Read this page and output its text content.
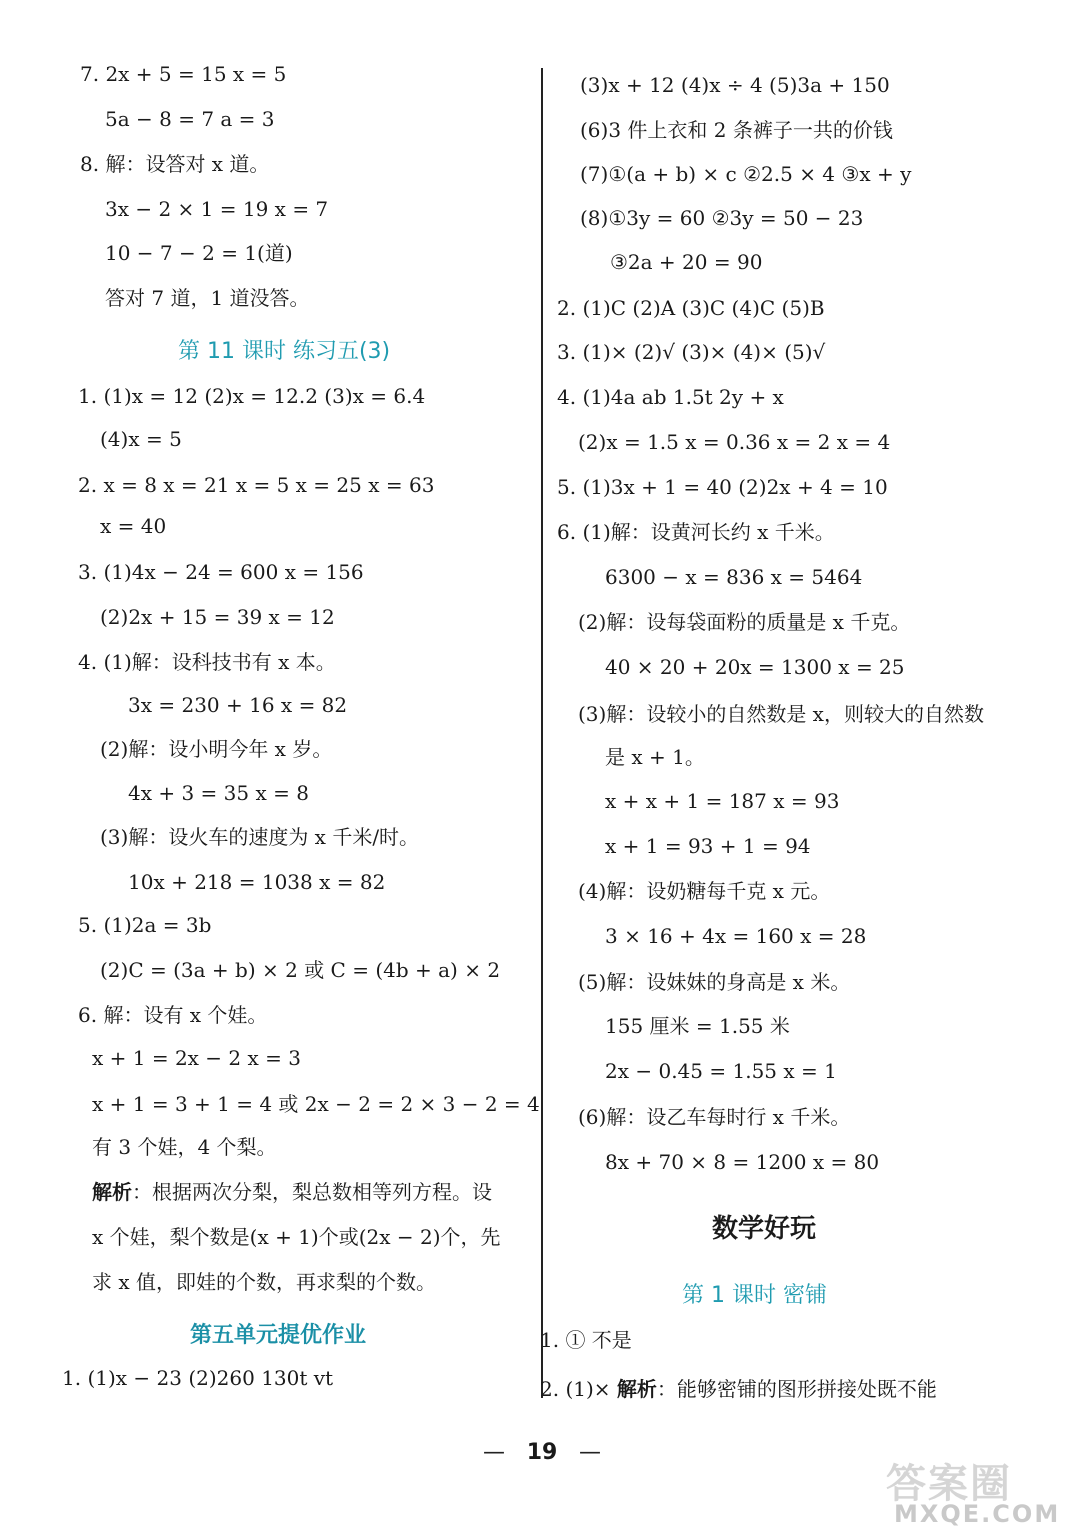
7. 2x + 5 = 15 x = 5
5a − 8 = 7 a = 3
8. 解：设答对 x 道。
3x − 2 × 1 = 19 x = 7
10 − 7 − 2 = 1(道)
答对 7 道，1 道没答。
第 11 课时 练习五(3)
1. (1)x = 12 (2)x = 12.2 (3)x = 6.4
(4)x = 5
2. x = 8 x = 21 x = 5 x = 25 x = 63
x = 40
3. (1)4x − 24 = 600 x = 156
(2)2x + 15 = 39 x = 12
4. (1)解：设科技书有 x 本。
3x = 230 + 16 x = 82
(2)解：设小明今年 x 岁。
4x + 3 = 35 x = 8
(3)解：设火车的速度为 x 千米/时。
10x + 218 = 1038 x = 82
5. (1)2a = 3b
(2)C = (3a + b) × 2 或 C = (4b + a) × 2
6. 解：设有 x 个娃。
x + 1 = 2x − 2 x = 3
x + 1 = 3 + 1 = 4 或 2x − 2 = 2 × 3 − 2 = 4
有 3 个娃，4 个梨。
解析：根据两次分梨，梨总数相等列方程。设
x 个娃，梨个数是(x + 1)个或(2x − 2)个，先
求 x 值，即娃的个数，再求梨的个数。
第五单元提优作业
1. (1)x − 23 (2)260 130t vt
(3)x + 12 (4)x ÷ 4 (5)3a + 150
(6)3 件上衣和 2 条裤子一共的价钱
(7)①(a + b) × c ②2.5 × 4 ③x + y
(8)①3y = 60 ②3y = 50 − 23
③2a + 20 = 90
2. (1)C (2)A (3)C (4)C (5)B
3. (1)× (2)√ (3)× (4)× (5)√
4. (1)4a ab 1.5t 2y + x
(2)x = 1.5 x = 0.36 x = 2 x = 4
5. (1)3x + 1 = 40 (2)2x + 4 = 10
6. (1)解：设黄河长约 x 千米。
6300 − x = 836 x = 5464
(2)解：设每袋面粉的质量是 x 千克。
40 × 20 + 20x = 1300 x = 25
(3)解：设较小的自然数是 x，则较大的自然数
是 x + 1。
x + x + 1 = 187 x = 93
x + 1 = 93 + 1 = 94
(4)解：设奶糖每千克 x 元。
3 × 16 + 4x = 160 x = 28
(5)解：设妹妹的身高是 x 米。
155 厘米 = 1.55 米
2x − 0.45 = 1.55 x = 1
(6)解：设乙车每时行 x 千米。
8x + 70 × 8 = 1200 x = 80
数学好玩
第 1 课时 密铺
1. ① 不是
2. (1)× 解析：能够密铺的图形拼接处既不能
— 19 —
答案圈
MXQE.COM
